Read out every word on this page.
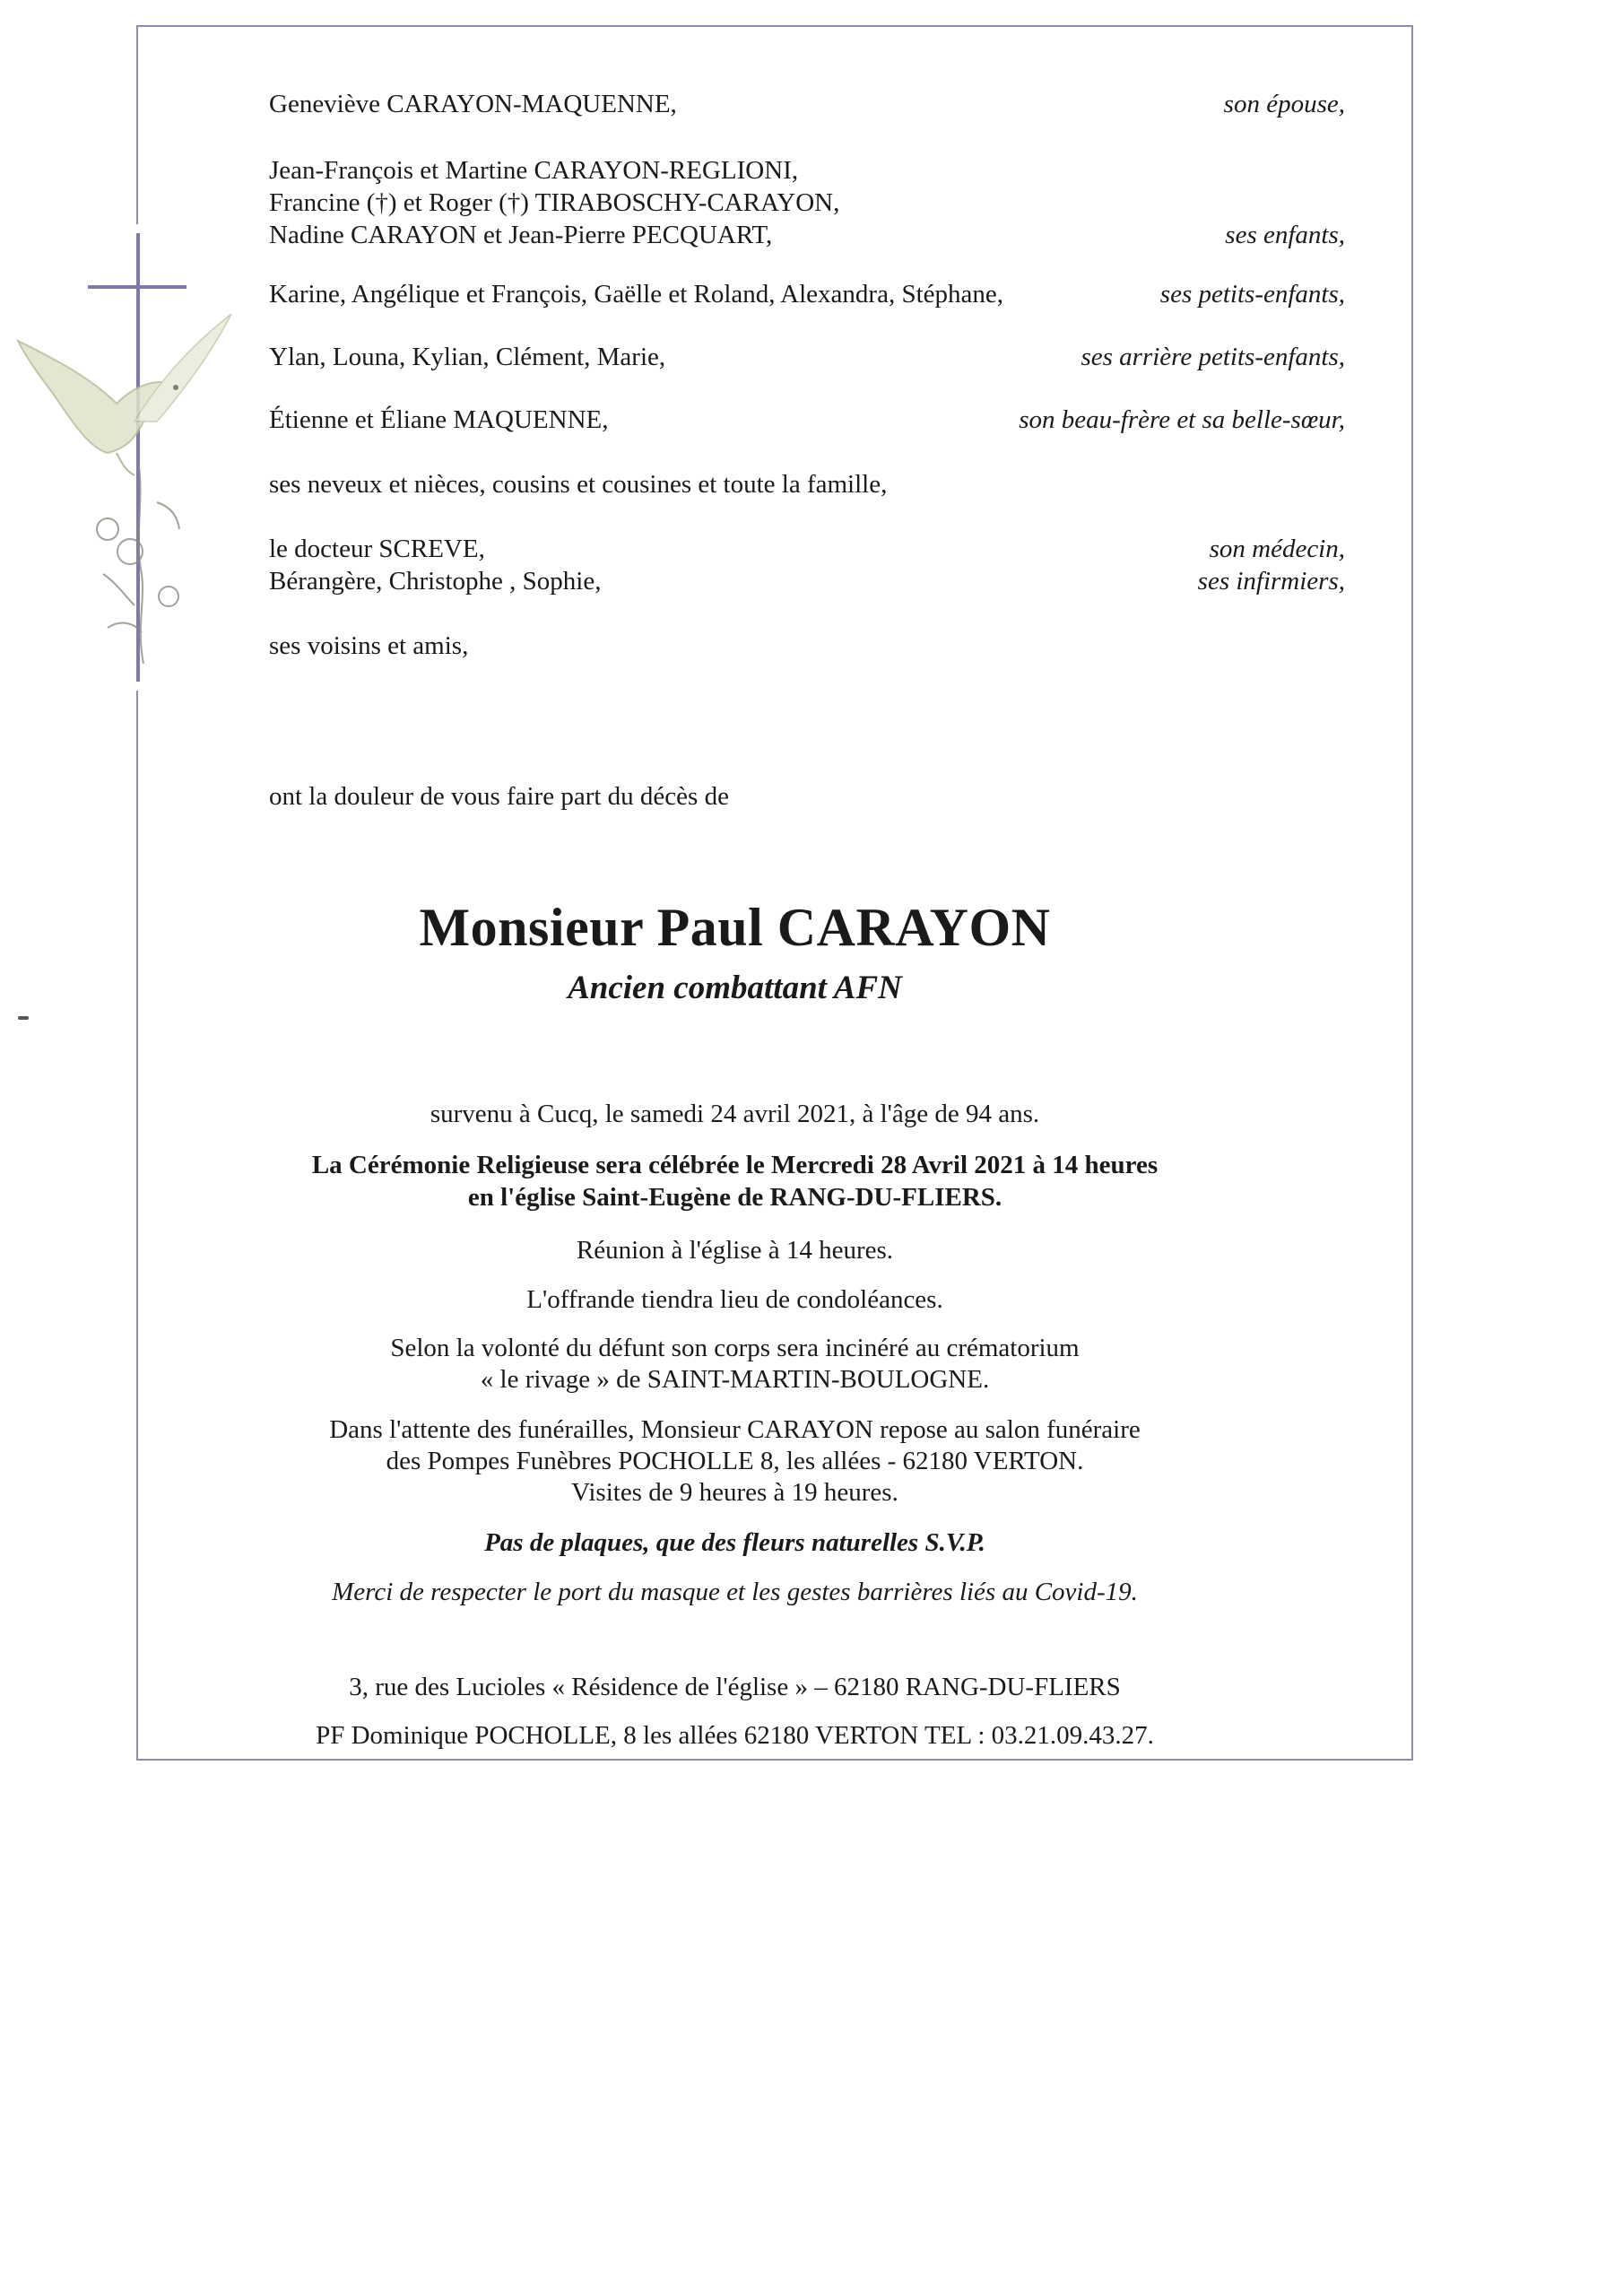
Geneviève CARAYON-MAQUENNE,	son épouse,
Jean-François et Martine CARAYON-REGLIONI,
Francine (†) et Roger (†) TIRABOSCHY-CARAYON,
Nadine CARAYON et Jean-Pierre PECQUART,	ses enfants,
Karine, Angélique et François, Gaëlle et Roland, Alexandra, Stéphane,	ses petits-enfants,
Ylan, Louna, Kylian, Clément, Marie,	ses arrière petits-enfants,
Étienne et Éliane MAQUENNE,	son beau-frère et sa belle-sœur,
ses neveux et nièces, cousins et cousines et toute la famille,
le docteur SCREVE,	son médecin,
Bérangère, Christophe , Sophie,	ses infirmiers,
ses voisins et amis,
ont la douleur de vous faire part du décès de
Monsieur Paul CARAYON
Ancien combattant AFN
survenu à Cucq, le samedi 24 avril 2021, à l'âge de 94 ans.
La Cérémonie Religieuse sera célébrée le Mercredi 28 Avril 2021 à 14 heures
en l'église Saint-Eugène de RANG-DU-FLIERS.
Réunion à l'église à 14 heures.
L'offrande tiendra lieu de condoléances.
Selon la volonté du défunt son corps sera incinéré au crématorium
« le rivage » de SAINT-MARTIN-BOULOGNE.
Dans l'attente des funérailles, Monsieur CARAYON repose au salon funéraire
des Pompes Funèbres POCHOLLE 8, les allées - 62180 VERTON.
Visites de 9 heures à 19 heures.
Pas de plaques, que des fleurs naturelles S.V.P.
Merci de respecter le port du masque et les gestes barrières liés au Covid-19.
3, rue des Lucioles « Résidence de l'église » – 62180 RANG-DU-FLIERS
PF Dominique POCHOLLE, 8 les allées 62180 VERTON TEL : 03.21.09.43.27.
